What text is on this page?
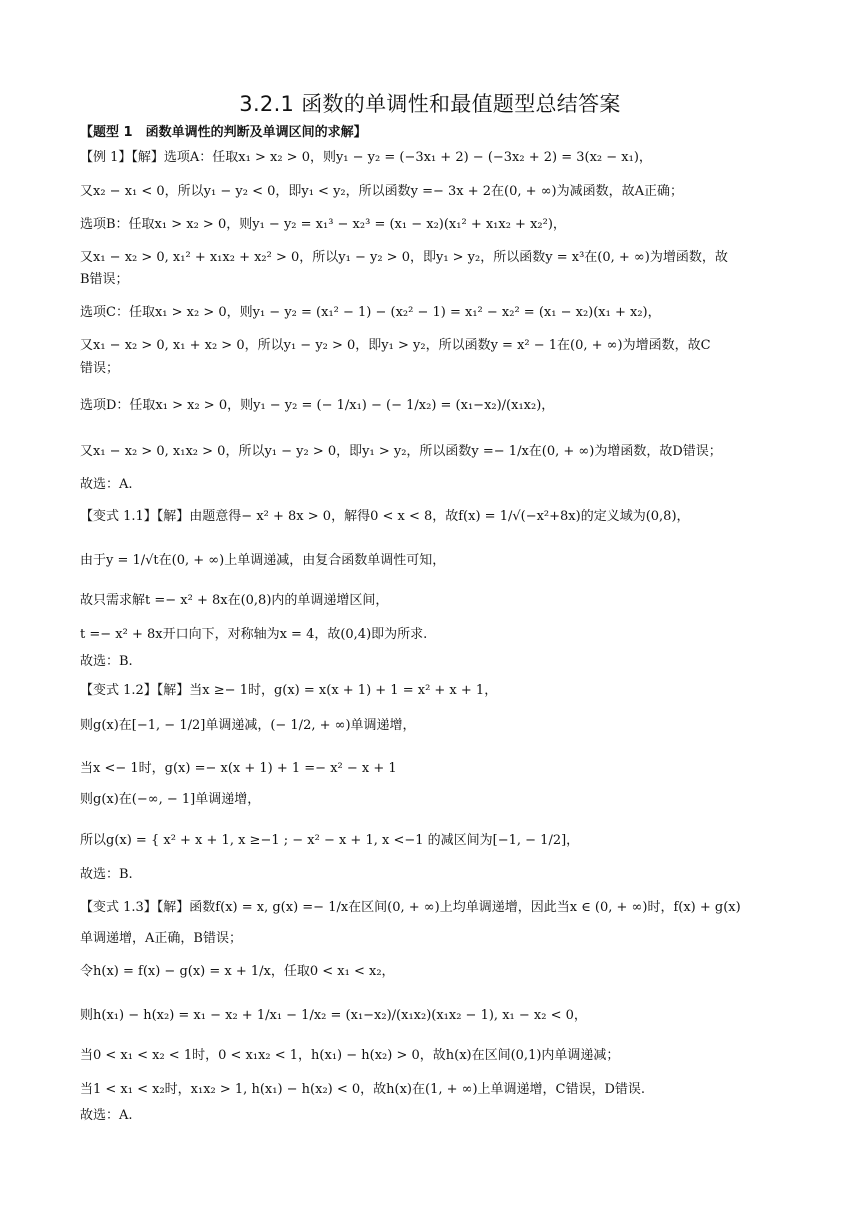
3.2.1 函数的单调性和最值题型总结答案
【题型 1　函数单调性的判断及单调区间的求解】
【例 1】【解】选项A：任取x₁ > x₂ > 0，则y₁ − y₂ = (−3x₁ + 2) − (−3x₂ + 2) = 3(x₂ − x₁)，
又x₂ − x₁ < 0，所以y₁ − y₂ < 0，即y₁ < y₂，所以函数y =− 3x + 2在(0, + ∞)为减函数，故A正确；
选项B：任取x₁ > x₂ > 0，则y₁ − y₂ = x₁³ − x₂³ = (x₁ − x₂)(x₁² + x₁x₂ + x₂²)，
又x₁ − x₂ > 0, x₁² + x₁x₂ + x₂² > 0，所以y₁ − y₂ > 0，即y₁ > y₂，所以函数y = x³在(0, + ∞)为增函数，故
B错误；
选项C：任取x₁ > x₂ > 0，则y₁ − y₂ = (x₁² − 1) − (x₂² − 1) = x₁² − x₂² = (x₁ − x₂)(x₁ + x₂)，
又x₁ − x₂ > 0, x₁ + x₂ > 0，所以y₁ − y₂ > 0，即y₁ > y₂，所以函数y = x² − 1在(0, + ∞)为增函数，故C
错误；
选项D：任取x₁ > x₂ > 0，则y₁ − y₂ = (− 1/x₁) − (− 1/x₂) = (x₁−x₂)/(x₁x₂)，
又x₁ − x₂ > 0, x₁x₂ > 0，所以y₁ − y₂ > 0，即y₁ > y₂，所以函数y =− 1/x在(0, + ∞)为增函数，故D错误；
故选：A.
【变式 1.1】【解】由题意得− x² + 8x > 0，解得0 < x < 8，故f(x) = 1/√(−x²+8x)的定义域为(0,8)，
由于y = 1/√t在(0, + ∞)上单调递减，由复合函数单调性可知，
故只需求解t =− x² + 8x在(0,8)内的单调递增区间，
t =− x² + 8x开口向下，对称轴为x = 4，故(0,4)即为所求.
故选：B.
【变式 1.2】【解】当x ≥− 1时，g(x) = x(x + 1) + 1 = x² + x + 1，
则g(x)在[−1, − 1/2]单调递减，(− 1/2, + ∞)单调递增，
当x <− 1时，g(x) =− x(x + 1) + 1 =− x² − x + 1
则g(x)在(−∞, − 1]单调递增，
所以g(x) = { x² + x + 1, x ≥−1 ; − x² − x + 1, x <−1 的减区间为[−1, − 1/2]，
故选：B.
【变式 1.3】【解】函数f(x) = x, g(x) =− 1/x在区间(0, + ∞)上均单调递增，因此当x ∈ (0, + ∞)时，f(x) + g(x)
单调递增，A正确，B错误；
令h(x) = f(x) − g(x) = x + 1/x，任取0 < x₁ < x₂，
则h(x₁) − h(x₂) = x₁ − x₂ + 1/x₁ − 1/x₂ = (x₁−x₂)/(x₁x₂)(x₁x₂ − 1), x₁ − x₂ < 0，
当0 < x₁ < x₂ < 1时，0 < x₁x₂ < 1，h(x₁) − h(x₂) > 0，故h(x)在区间(0,1)内单调递减；
当1 < x₁ < x₂时，x₁x₂ > 1, h(x₁) − h(x₂) < 0，故h(x)在(1, + ∞)上单调递增，C错误，D错误.
故选：A.
